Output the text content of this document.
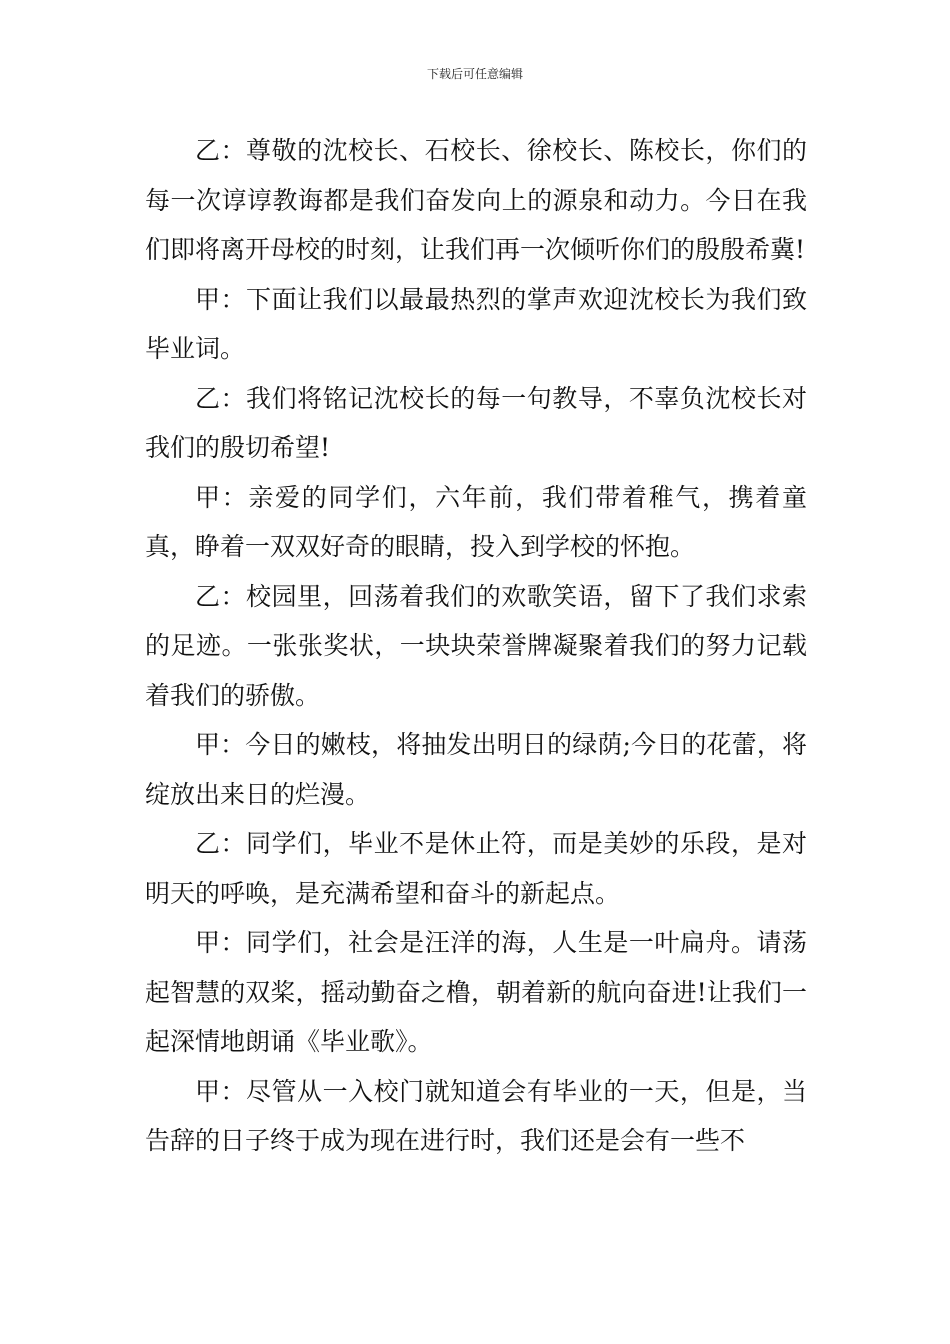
下载后可任意编辑

乙：尊敬的沈校长、石校长、徐校长、陈校长，你们的每一次谆谆教诲都是我们奋发向上的源泉和动力。今日在我们即将离开母校的时刻，让我们再一次倾听你们的殷殷希冀!

甲：下面让我们以最最热烈的掌声欢迎沈校长为我们致毕业词。

乙：我们将铭记沈校长的每一句教导，不辜负沈校长对我们的殷切希望!

甲：亲爱的同学们，六年前，我们带着稚气，携着童真，睁着一双双好奇的眼睛，投入到学校的怀抱。

乙：校园里，回荡着我们的欢歌笑语，留下了我们求索的足迹。一张张奖状，一块块荣誉牌凝聚着我们的努力记载着我们的骄傲。

甲：今日的嫩枝，将抽发出明日的绿荫;今日的花蕾，将绽放出来日的烂漫。

乙：同学们，毕业不是休止符，而是美妙的乐段，是对明天的呼唤，是充满希望和奋斗的新起点。

甲：同学们，社会是汪洋的海，人生是一叶扁舟。请荡起智慧的双桨，摇动勤奋之橹，朝着新的航向奋进!让我们一起深情地朗诵《毕业歌》。

甲：尽管从一入校门就知道会有毕业的一天，但是，当告辞的日子终于成为现在进行时，我们还是会有一些不
